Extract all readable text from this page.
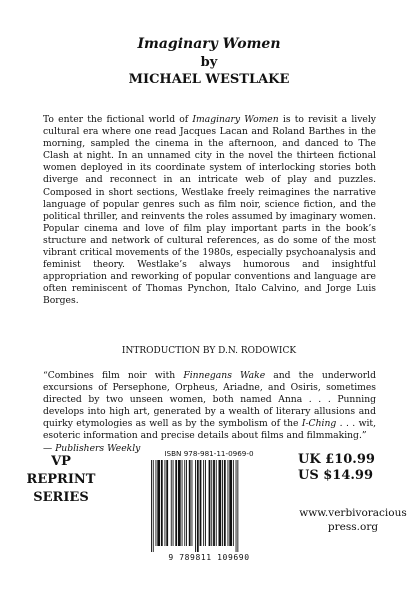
Imaginary Women
by
MICHAEL WESTLAKE

To enter the fictional world of Imaginary Women is to revisit a lively cultural era where one read Jacques Lacan and Roland Barthes in the morning, sampled the cinema in the afternoon, and danced to The Clash at night. In an unnamed city in the novel the thirteen fictional women deployed in its coordinate system of interlocking stories both diverge and reconnect in an intricate web of play and puzzles. Composed in short sections, Westlake freely reimagines the narrative language of popular genres such as film noir, science fiction, and the political thriller, and reinvents the roles assumed by imaginary women. Popular cinema and love of film play important parts in the book’s structure and network of cultural references, as do some of the most vibrant critical movements of the 1980s, especially psychoanalysis and feminist theory. Westlake’s always humorous and insightful appropriation and reworking of popular conventions and language are often reminiscent of Thomas Pynchon, Italo Calvino, and Jorge Luis Borges.

INTRODUCTION BY D.N. RODOWICK

“Combines film noir with Finnegans Wake and the underworld excursions of Persephone, Orpheus, Ariadne, and Osiris, sometimes directed by two unseen women, both named Anna . . . Punning develops into high art, generated by a wealth of literary allusions and quirky etymologies as well as by the symbolism of the I-Ching . . . wit, esoteric information and precise details about films and filmmaking.”
— Publishers Weekly

VP
REPRINT
SERIES
ISBN 978-981-11-0969-0
9 789811 109690
UK £10.99
US $14.99
www.verbivoracious
press.org
